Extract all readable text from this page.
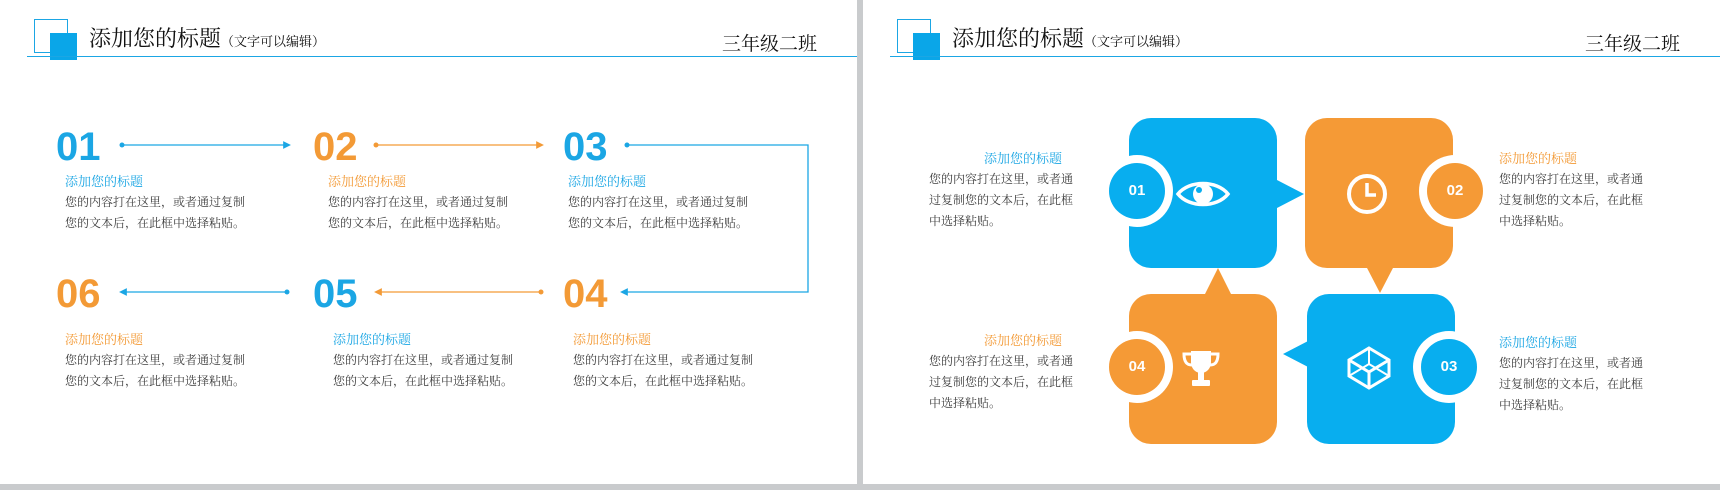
添加您的标题（文字可以编辑）	三年级二班
01
添加您的标题
您的内容打在这里，或者通过复制您的文本后，在此框中选择粘贴。
02
添加您的标题
您的内容打在这里，或者通过复制您的文本后，在此框中选择粘贴。
03
添加您的标题
您的内容打在这里，或者通过复制您的文本后，在此框中选择粘贴。
04
添加您的标题
您的内容打在这里，或者通过复制您的文本后，在此框中选择粘贴。
05
添加您的标题
您的内容打在这里，或者通过复制您的文本后，在此框中选择粘贴。
06
添加您的标题
您的内容打在这里，或者通过复制您的文本后，在此框中选择粘贴。
添加您的标题（文字可以编辑）	三年级二班
01	02
04	03
添加您的标题
您的内容打在这里，或者通过复制您的文本后，在此框中选择粘贴。
添加您的标题
您的内容打在这里，或者通过复制您的文本后，在此框中选择粘贴。
添加您的标题
您的内容打在这里，或者通过复制您的文本后，在此框中选择粘贴。
添加您的标题
您的内容打在这里，或者通过复制您的文本后，在此框中选择粘贴。
